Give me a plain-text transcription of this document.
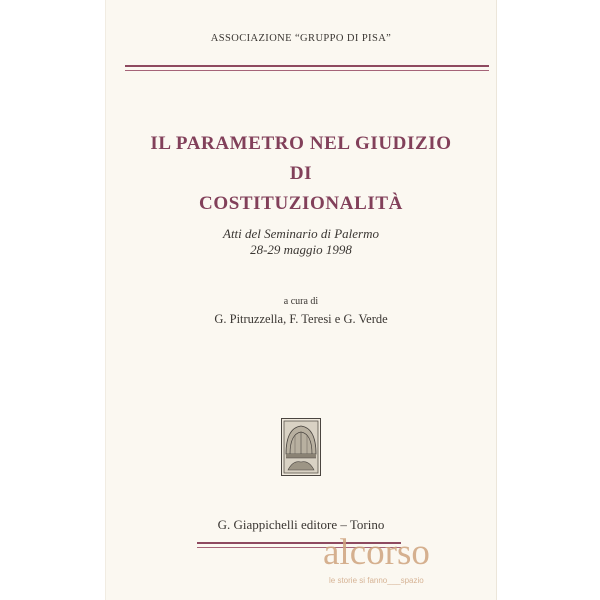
ASSOCIAZIONE “GRUPPO DI PISA”
IL PARAMETRO NEL GIUDIZIO
DI
COSTITUZIONALITÀ
Atti del Seminario di Palermo
28-29 maggio 1998
a cura di
G. Pitruzzella, F. Teresi e G. Verde
G. Giappichelli editore – Torino
alcorso
le storie si fanno___spazio
